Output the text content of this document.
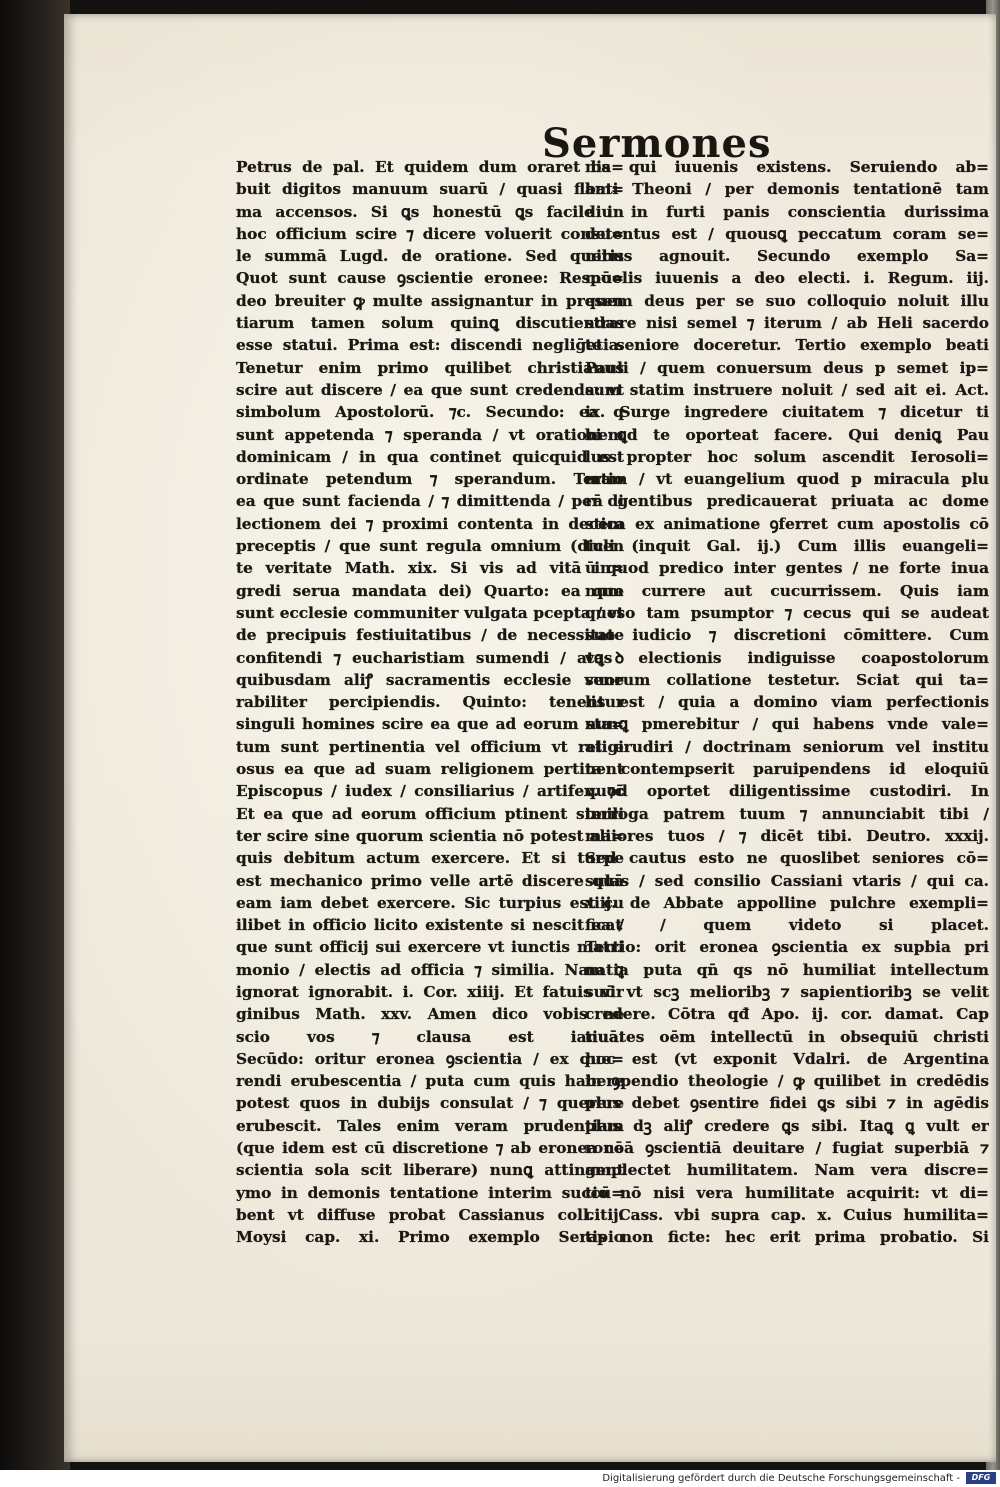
Sermones
Petrus de pal. Et quidem dum oraret ba=
buit digitos manuum suarū / quasi flam=
ma accensos. Si ꝗs honestū ꝗs facile in
hoc officium scire ⁊ dicere voluerit consu=
le summā Lugd. de oratione. Sed queris
Quot sunt cause ꝯscientie eronee: Respō=
deo breuiter ꝙ multe assignantur in presen
tiarum tamen solum quinꝗ discutiendas
esse statui. Prima est: discendi negliḡetia.
Tenetur enim primo quilibet christianus
scire aut discere / ea que sunt credenda: vt
simbolum Apostolorū. ⁊c. Secundo: ea q
sunt appetenda ⁊ speranda / vt orationem
dominicam / in qua continet quicquid est
ordinate petendum ⁊ sperandum. Tertio
ea que sunt facienda / ⁊ dimittenda / per di
lectionem dei ⁊ proximi contenta in decem
preceptis / que sunt regula omnium (dicen
te veritate Math. xix. Si vis ad vitā in=
gredi serua mandata dei) Quarto: ea que
sunt ecclesie communiter vulgata pcepta / vt
de precipuis festiuitatibus / de necessitate
confitendi ⁊ eucharistiam sumendi / atꝗ ꝺ
quibusdam aliꝭ sacramentis ecclesie vene
rabiliter percipiendis. Quinto: tenentur
singuli homines scire ea que ad eorum sta=
tum sunt pertinentia vel officium vt religi
osus ea que ad suam religionem pertinent
Episcopus / iudex / consiliarius / artifex. ⁊c̄
Et ea que ad eorum officium ptinent simili
ter scire sine quorum scientia nō potest ali=
quis debitum actum exercere. Et si turpe
est mechanico primo velle artē discere quā
eam iam debet exercere. Sic turpius est cu
ilibet in officio licito existente si nescit ea /
que sunt officij sui exercere vt iunctis matri
monio / electis ad officia ⁊ similia. Nam ꝗ
ignorat ignorabit. i. Cor. xiiij. Et fatuis vir
ginibus Math. xxv. Amen dico vobis ne
scio vos ⁊ clausa est ianua.
Secūdo: oritur eronea ꝯscientia / ex que=
rendi erubescentia / puta cum quis habere
potest quos in dubijs consulat / ⁊ querere
erubescit. Tales enim veram prudentiam
(que idem est cū discretione ⁊ ab eronea cō
scientia sola scit liberare) nunꝗ attingent
ymo in demonis tentatione interim succū=
bent vt diffuse probat Cassianus coll. ij.
Moysi cap. xi. Primo exemplo Serapio
nis qui iuuenis existens. Seruiendo ab=
bati Theoni / per demonis tentationē tam
diu in furti panis conscientia durissima
detentus est / quousꝗ peccatum coram se=
nibus agnouit. Secundo exemplo Sa=
muelis iuuenis a deo electi. i. Regum. iij.
quem deus per se suo colloquio noluit illu
strare nisi semel ⁊ iterum / ab Heli sacerdo
te seniore doceretur. Tertio exemplo beati
Pauli / quem conuersum deus p semet ip=
sum statim instruere noluit / sed ait ei. Act.
ix. Surge ingredere ciuitatem ⁊ dicetur ti
bi ꝗd te oporteat facere. Qui deniꝗ Pau
lus propter hoc solum ascendit Ierosoli=
mam / vt euangelium quod p miracula plu
rā gentibus predicauerat priuata ac dome
stica ex animatione ꝯferret cum apostolis cō
tuli (inquit Gal. ij.) Cum illis euangeli=
ū quod predico inter gentes / ne forte inua
num currere aut cucurrissem. Quis iam
queso tam psumptor ⁊ cecus qui se audeat
suo iudicio ⁊ discretioni cōmittere. Cum
vas electionis indiguisse coapostolorum
suorum collatione testetur. Sciat qui ta=
lis est / quia a domino viam perfectionis
nunꝗ pmerebitur / qui habens vnde vale=
at erudiri / doctrinam seniorum vel institu
ta contempserit paruipendens id eloquiū
quod oportet diligentissime custodiri. In
terroga patrem tuum ⁊ annunciabit tibi /
maiores tuos / ⁊ dicēt tibi. Deutro. xxxij.
Sed cautus esto ne quoslibet seniores cō=
sulas / sed consilio Cassiani vtaris / qui ca.
xiij. de Abbate appolline pulchre exempli=
ficat / quem videto si placet.
Tertio: orit eronea ꝯscientia ex supbia pri
natia puta qn̄ qs nō humiliat intellectum
suū vt scꝫ melioribꝫ ⁊ sapientioribꝫ se velit
credere. Cōtra qđ Apo. ij. cor. damat. Cap
tiuātes oēm intellectū in obsequiū christi
hoc est (vt exponit Vdalri. de Argentina
in ꝯpendio theologie / ꝙ quilibet in credēdis
plus debet ꝯsentire fidei ꝗs sibi ⁊ in agēdis
plus dꝫ aliꝭ credere ꝗs sibi. Itaꝗ ꝗ vult er
roneā ꝯscientiā deuitare / fugiat superbiā ⁊
amplectet humilitatem. Nam vera discre=
tio nō nisi vera humilitate acquirit: vt di=
cit Cass. vbi supra cap. x. Cuius humilita=
tis non ficte: hec erit prima probatio. Si
Digitalisierung gefördert durch die Deutsche Forschungsgemeinschaft -	DFG
